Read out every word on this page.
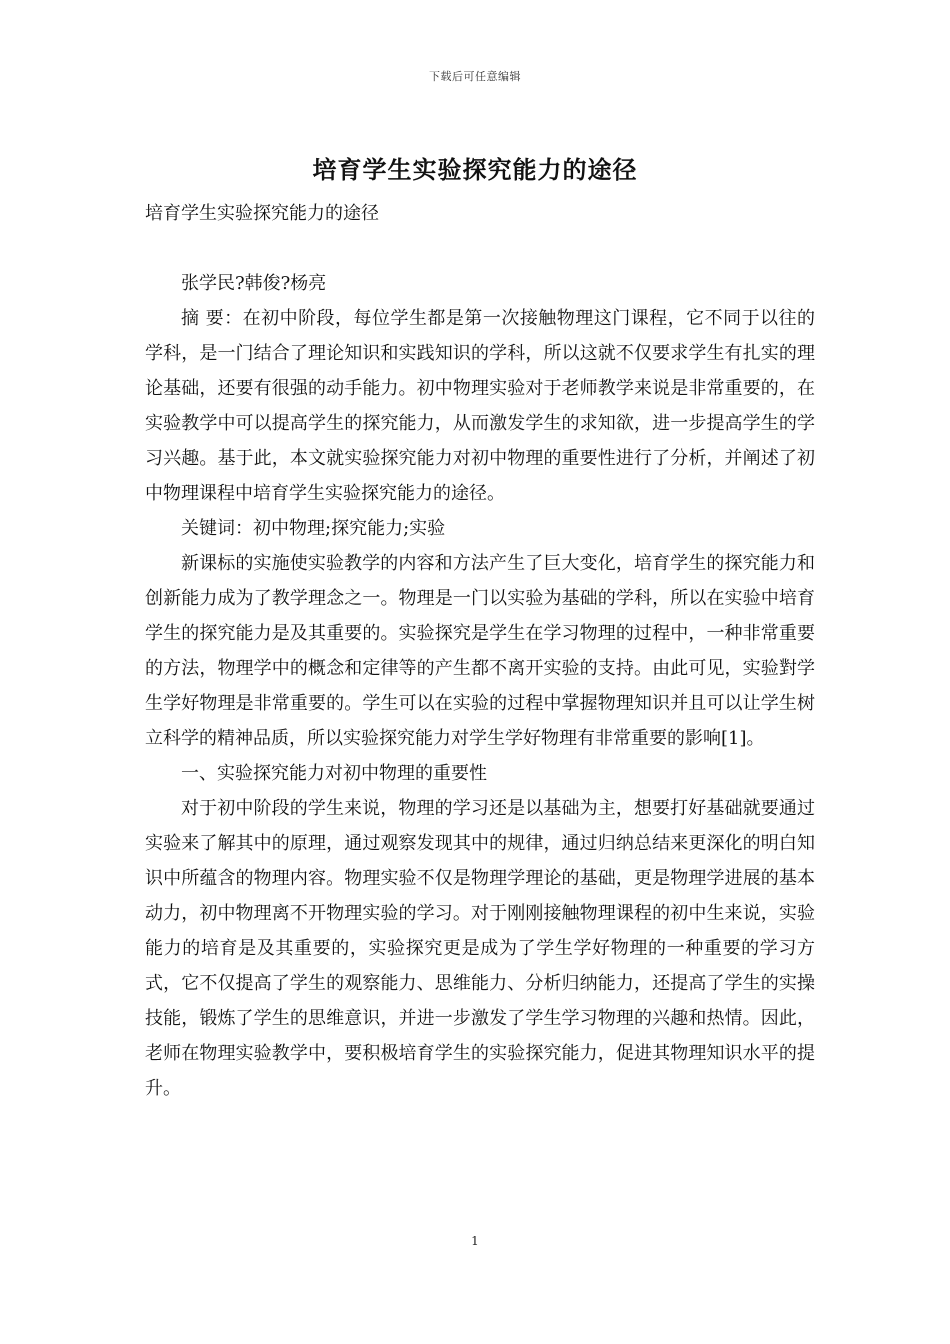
下载后可任意编辑
培育学生实验探究能力的途径

培育学生实验探究能力的途径

张学民?韩俊?杨亮

摘 要：在初中阶段，每位学生都是第一次接触物理这门课程，它不同于以往的学科，是一门结合了理论知识和实践知识的学科，所以这就不仅要求学生有扎实的理论基础，还要有很强的动手能力。初中物理实验对于老师教学来说是非常重要的，在实验教学中可以提高学生的探究能力，从而激发学生的求知欲，进一步提高学生的学习兴趣。基于此，本文就实验探究能力对初中物理的重要性进行了分析，并阐述了初中物理课程中培育学生实验探究能力的途径。

关键词：初中物理;探究能力;实验

新课标的实施使实验教学的内容和方法产生了巨大变化，培育学生的探究能力和创新能力成为了教学理念之一。物理是一门以实验为基础的学科，所以在实验中培育学生的探究能力是及其重要的。实验探究是学生在学习物理的过程中，一种非常重要的方法，物理学中的概念和定律等的产生都不离开实验的支持。由此可见，实验對学生学好物理是非常重要的。学生可以在实验的过程中掌握物理知识并且可以让学生树立科学的精神品质，所以实验探究能力对学生学好物理有非常重要的影响[1]。

一、实验探究能力对初中物理的重要性

对于初中阶段的学生来说，物理的学习还是以基础为主，想要打好基础就要通过实验来了解其中的原理，通过观察发现其中的规律，通过归纳总结来更深化的明白知识中所蕴含的物理内容。物理实验不仅是物理学理论的基础，更是物理学进展的基本动力，初中物理离不开物理实验的学习。对于刚刚接触物理课程的初中生来说，实验能力的培育是及其重要的，实验探究更是成为了学生学好物理的一种重要的学习方式，它不仅提高了学生的观察能力、思维能力、分析归纳能力，还提高了学生的实操技能，锻炼了学生的思维意识，并进一步激发了学生学习物理的兴趣和热情。因此，老师在物理实验教学中，要积极培育学生的实验探究能力，促进其物理知识水平的提升。

1
